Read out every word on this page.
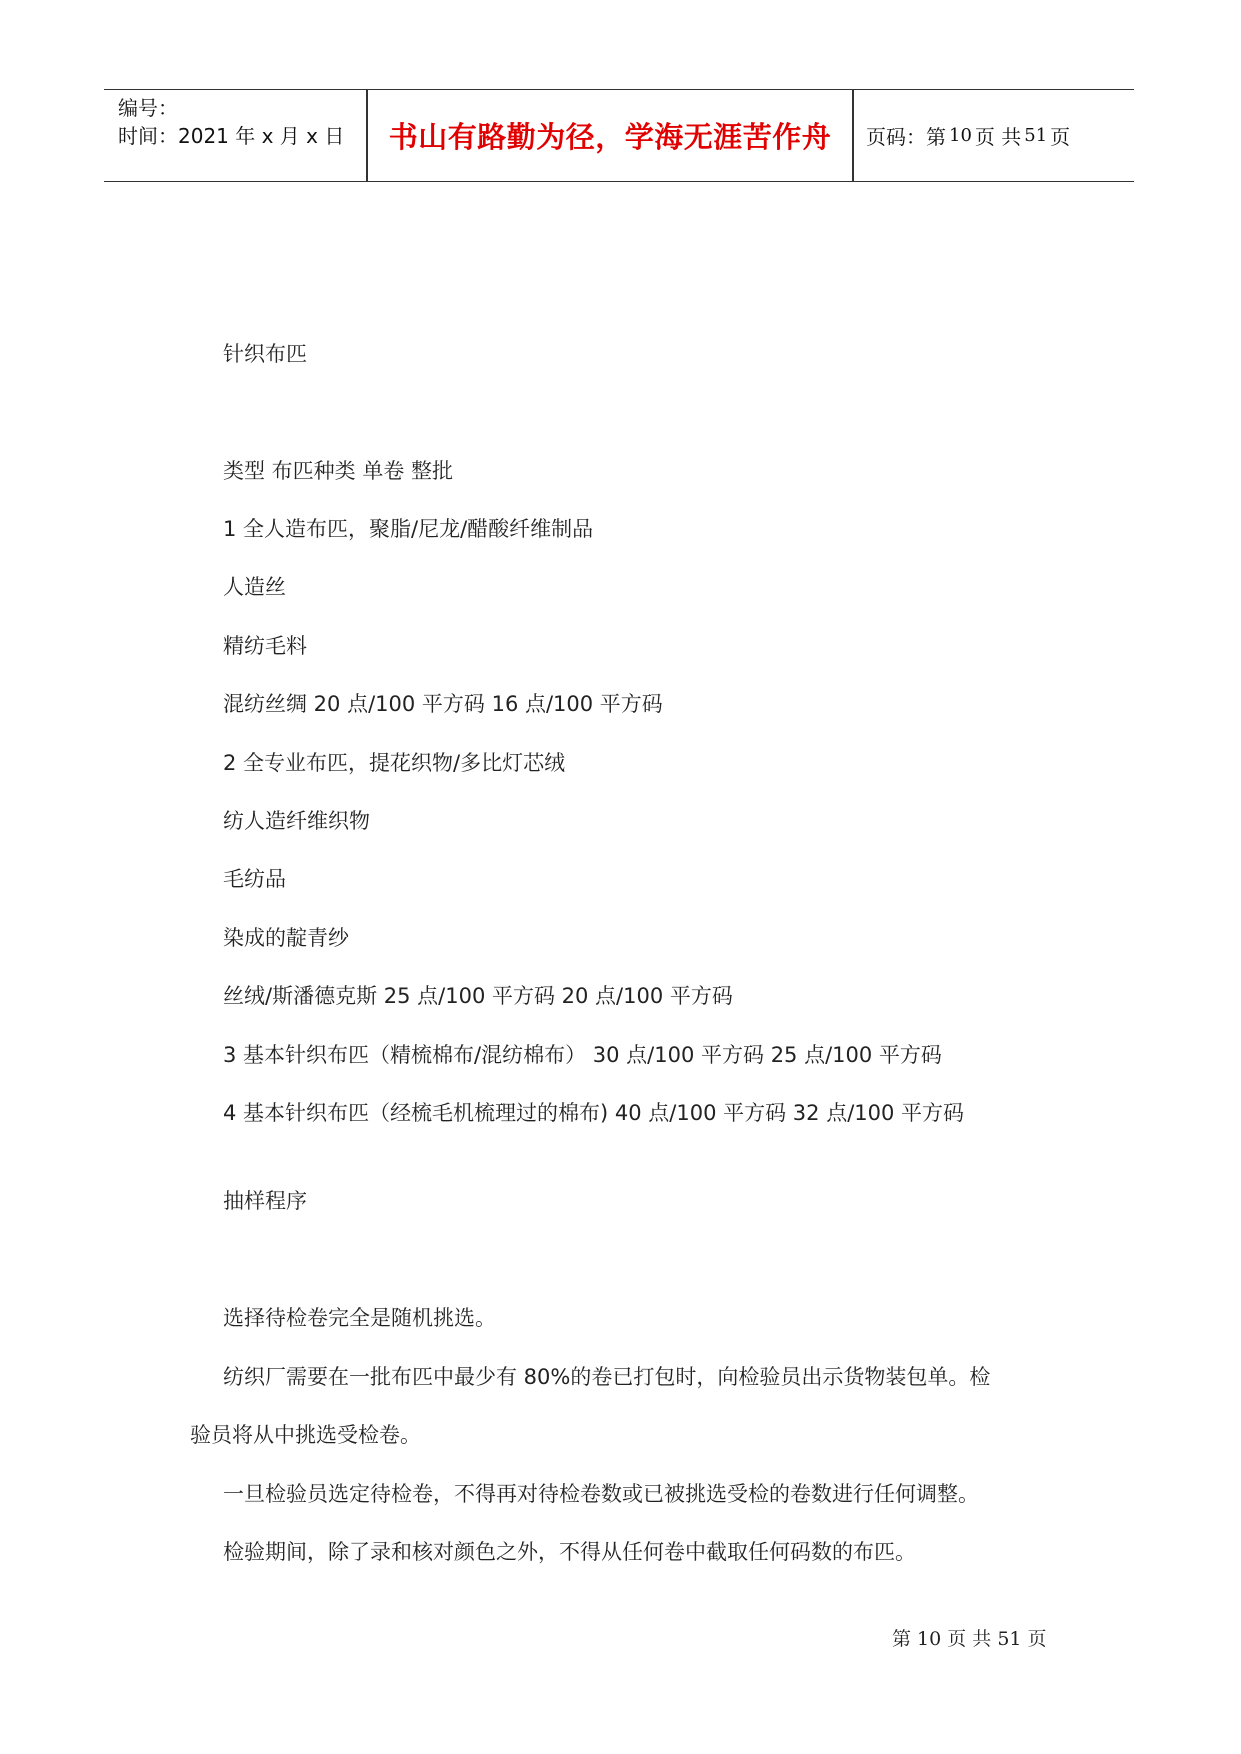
编号：
时间：2021 年 x 月 x 日	书山有路勤为径，学海无涯苦作舟	页码：第 10 页 共 51 页
针织布匹
类型 布匹种类 单卷 整批
1 全人造布匹，聚脂/尼龙/醋酸纤维制品
人造丝
精纺毛料
混纺丝绸 20 点/100 平方码 16 点/100 平方码
2 全专业布匹，提花织物/多比灯芯绒
纺人造纤维织物
毛纺品
染成的靛青纱
丝绒/斯潘德克斯 25 点/100 平方码 20 点/100 平方码
3 基本针织布匹（精梳棉布/混纺棉布） 30 点/100 平方码 25 点/100 平方码
4 基本针织布匹（经梳毛机梳理过的棉布) 40 点/100 平方码 32 点/100 平方码
抽样程序
选择待检卷完全是随机挑选。
纺织厂需要在一批布匹中最少有 80%的卷已打包时，向检验员出示货物装包单。检
验员将从中挑选受检卷。
一旦检验员选定待检卷，不得再对待检卷数或已被挑选受检的卷数进行任何调整。
检验期间，除了录和核对颜色之外，不得从任何卷中截取任何码数的布匹。
第 10 页 共 51 页
